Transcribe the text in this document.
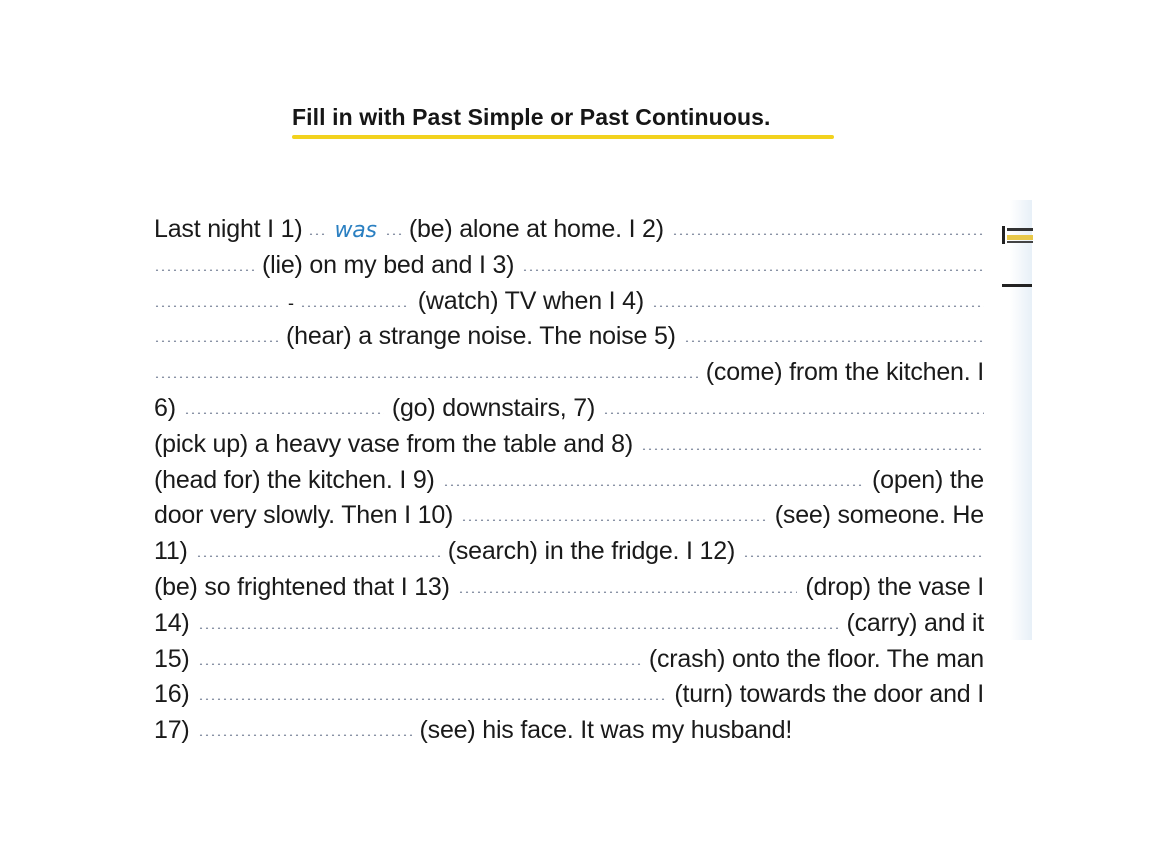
Fill in with Past Simple or Past Continuous.
Last night I 1) was (be) alone at home. I 2)
(lie) on my bed and I 3)
-	(watch) TV when I 4)
(hear) a strange noise. The noise 5)
(come) from the kitchen. I
6)	(go) downstairs, 7)
(pick up) a heavy vase from the table and 8)
(head for) the kitchen. I 9)	(open) the
door very slowly. Then I 10)	(see) someone. He
11)	(search) in the fridge. I 12)
(be) so frightened that I 13)	(drop) the vase I
14)	(carry) and it
15)	(crash) onto the floor. The man
16)	(turn) towards the door and I
17)	(see) his face. It was my husband!
